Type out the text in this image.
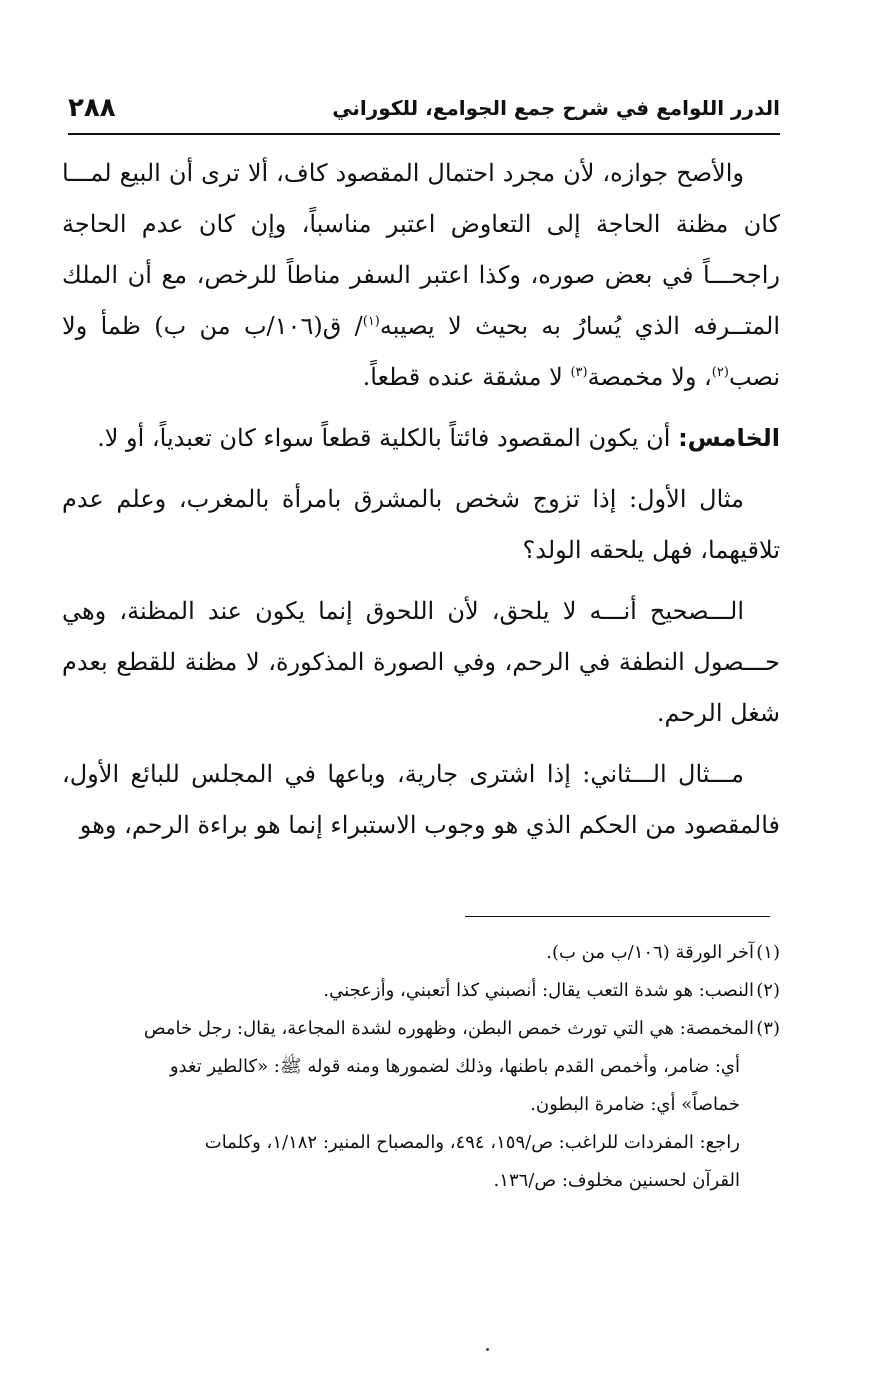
٢٨٨	الدرر اللوامع في شرح جمع الجوامع، للكوراني

والأصح جوازه، لأن مجرد احتمال المقصود كاف، ألا ترى أن البيع لمـــا كان مظنة الحاجة إلى التعاوض اعتبر مناسباً، وإن كان عدم الحاجة راجحـــاً في بعض صوره، وكذا اعتبر السفر مناطاً للرخص، مع أن الملك المتــرفه الذي يُسارُ به بحيث لا يصيبه$^{(١)}$/ ق(١٠٦/ب من ب) ظمأ ولا نصب$^{(٢)}$، ولا مخمصة$^{(٣)}$ لا مشقة عنده قطعاً.

الخامس: أن يكون المقصود فائتاً بالكلية قطعاً سواء كان تعبدياً، أو لا.

مثال الأول: إذا تزوج شخص بالمشرق بامرأة بالمغرب، وعلم عدم تلاقيهما، فهل يلحقه الولد؟

الـــصحيح أنـــه لا يلحق، لأن اللحوق إنما يكون عند المظنة، وهي حـــصول النطفة في الرحم، وفي الصورة المذكورة، لا مظنة للقطع بعدم شغل الرحم.

مـــثال الـــثاني: إذا اشترى جارية، وباعها في المجلس للبائع الأول، فالمقصود من الحكم الذي هو وجوب الاستبراء إنما هو براءة الرحم، وهو

(١)آخر الورقة (١٠٦/ب من ب).

(٢)النصب: هو شدة التعب يقال: أنصبني كذا أتعبني، وأزعجني.

(٣)المخمصة: هي التي تورث خمص البطن، وظهوره لشدة المجاعة، يقال: رجل خامص

أي: ضامر، وأخمص القدم باطنها، وذلك لضمورها ومنه قوله ﷺ: «كالطير تغدو

خماصاً» أي: ضامرة البطون.

راجع: المفردات للراغب: ص/١٥٩، ٤٩٤، والمصباح المنير: ١/١٨٢، وكلمات

القرآن لحسنين مخلوف: ص/١٣٦.
